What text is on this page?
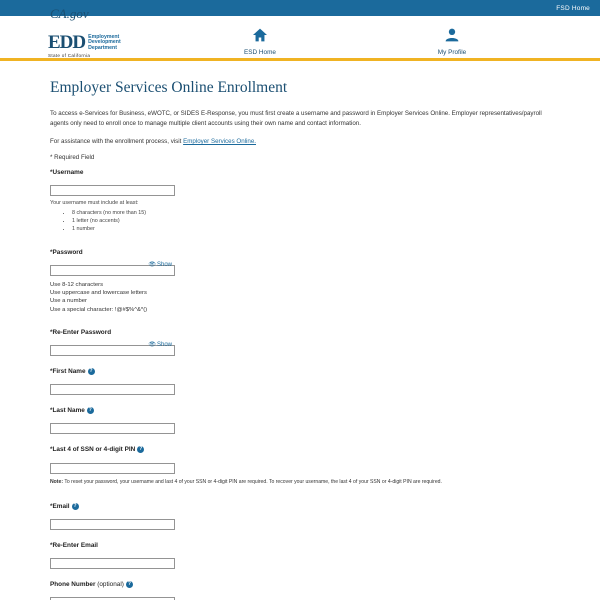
FSD Home
CA.gov
EDD Employment
Development
Department
State of California	ESD Home	My Profile
Employer Services Online Enrollment

To access e-Services for Business, eWOTC, or SIDES E-Response, you must first create a username and password in Employer Services Online. Employer representatives/payroll agents only need to enroll once to manage multiple client accounts using their own name and contact information.

For assistance with the enrollment process, visit Employer Services Online.

* Required Field

*Username

Your username must include at least:

• 8 characters (no more than 15)
• 1 letter (no accents)
• 1 number
*Password
👁Show
Use 8-12 characters
Use uppercase and lowercase letters
Use a number
Use a special character: !@#$%^&*()
*Re-Enter Password
👁Show
*First Name ?
*Last Name ?
*Last 4 of SSN or 4-digit PIN ?

Note: To reset your password, your username and last 4 of your SSN or 4-digit PIN are required. To recover your username, the last 4 of your SSN or 4-digit PIN are required.

*Email ?
*Re-Enter Email
Phone Number (optional) ?
